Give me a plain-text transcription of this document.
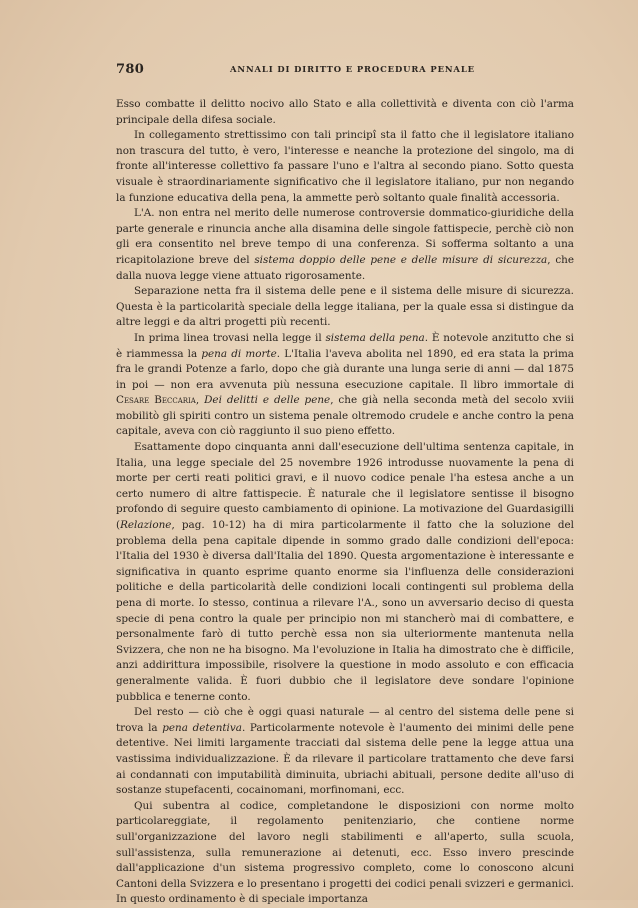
780	ANNALI DI DIRITTO E PROCEDURA PENALE

Esso combatte il delitto nocivo allo Stato e alla collettività e diventa con ciò l'arma principale della difesa sociale.

In collegamento strettissimo con tali principî sta il fatto che il legislatore italiano non trascura del tutto, è vero, l'interesse e neanche la protezione del singolo, ma di fronte all'interesse collettivo fa passare l'uno e l'altra al secondo piano. Sotto questa visuale è straordinariamente significativo che il legislatore italiano, pur non negando la funzione educativa della pena, la ammette però soltanto quale finalità accessoria.

L'A. non entra nel merito delle numerose controversie dommatico-giuridiche della parte generale e rinuncia anche alla disamina delle singole fattispecie, perchè ciò non gli era consentito nel breve tempo di una conferenza. Si sofferma soltanto a una ricapitolazione breve del sistema doppio delle pene e delle misure di sicurezza, che dalla nuova legge viene attuato rigorosamente.

Separazione netta fra il sistema delle pene e il sistema delle misure di sicurezza. Questa è la particolarità speciale della legge italiana, per la quale essa si distingue da altre leggi e da altri progetti più recenti.

In prima linea trovasi nella legge il sistema della pena. È notevole anzitutto che si è riammessa la pena di morte. L'Italia l'aveva abolita nel 1890, ed era stata la prima fra le grandi Potenze a farlo, dopo che già durante una lunga serie di anni — dal 1875 in poi — non era avvenuta più nessuna esecuzione capitale. Il libro immortale di Cesare Beccaria, Dei delitti e delle pene, che già nella seconda metà del secolo xviii mobilitò gli spiriti contro un sistema penale oltremodo crudele e anche contro la pena capitale, aveva con ciò raggiunto il suo pieno effetto.

Esattamente dopo cinquanta anni dall'esecuzione dell'ultima sentenza capitale, in Italia, una legge speciale del 25 novembre 1926 introdusse nuovamente la pena di morte per certi reati politici gravi, e il nuovo codice penale l'ha estesa anche a un certo numero di altre fattispecie. È naturale che il legislatore sentisse il bisogno profondo di seguire questo cambiamento di opinione. La motivazione del Guardasigilli (Relazione, pag. 10-12) ha di mira particolarmente il fatto che la soluzione del problema della pena capitale dipende in sommo grado dalle condizioni dell'epoca: l'Italia del 1930 è diversa dall'Italia del 1890. Questa argomentazione è interessante e significativa in quanto esprime quanto enorme sia l'influenza delle considerazioni politiche e della particolarità delle condizioni locali contingenti sul problema della pena di morte. Io stesso, continua a rilevare l'A., sono un avversario deciso di questa specie di pena contro la quale per principio non mi stancherò mai di combattere, e personalmente farò di tutto perchè essa non sia ulteriormente mantenuta nella Svizzera, che non ne ha bisogno. Ma l'evoluzione in Italia ha dimostrato che è difficile, anzi addirittura impossibile, risolvere la questione in modo assoluto e con efficacia generalmente valida. È fuori dubbio che il legislatore deve sondare l'opinione pubblica e tenerne conto.

Del resto — ciò che è oggi quasi naturale — al centro del sistema delle pene si trova la pena detentiva. Particolarmente notevole è l'aumento dei minimi delle pene detentive. Nei limiti largamente tracciati dal sistema delle pene la legge attua una vastissima individualizzazione. È da rilevare il particolare trattamento che deve farsi ai condannati con imputabilità diminuita, ubriachi abituali, persone dedite all'uso di sostanze stupefacenti, cocainomani, morfinomani, ecc.

Qui subentra al codice, completandone le disposizioni con norme molto particolareggiate, il regolamento penitenziario, che contiene norme sull'organizzazione del lavoro negli stabilimenti e all'aperto, sulla scuola, sull'assistenza, sulla remunerazione ai detenuti, ecc. Esso invero prescinde dall'applicazione d'un sistema progressivo completo, come lo conoscono alcuni Cantoni della Svizzera e lo presentano i progetti dei codici penali svizzeri e germanici. In questo ordinamento è di speciale importanza
